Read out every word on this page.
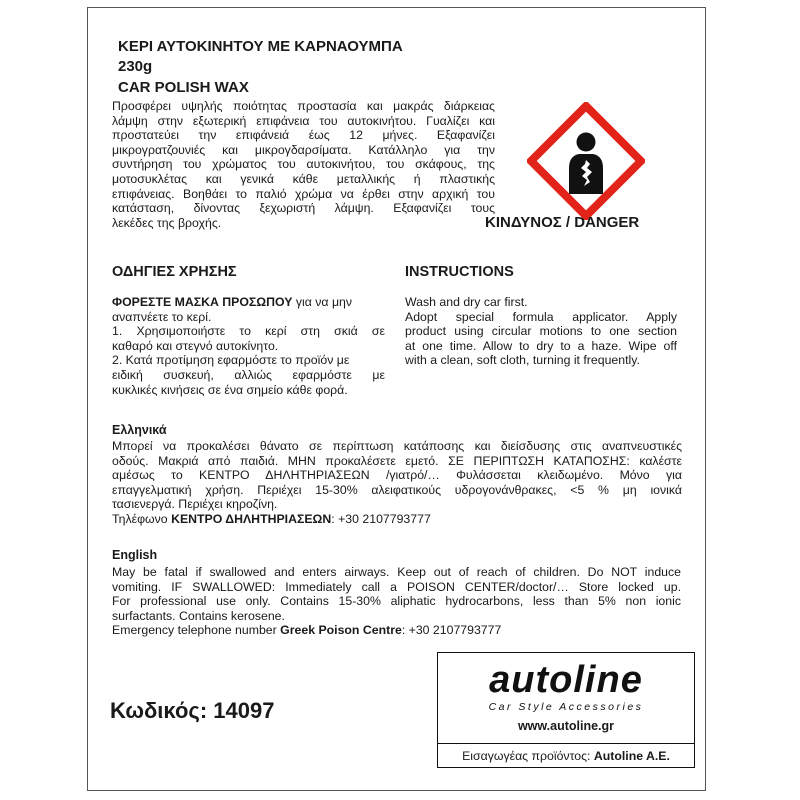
ΚΕΡΙ ΑΥΤΟΚΙΝΗΤΟΥ ΜΕ ΚΑΡΝΑΟΥΜΠΑ
230g
CAR POLISH WAX
Προσφέρει υψηλής ποιότητας προστασία και μακράς διάρκειας
λάμψη στην εξωτερική επιφάνεια του αυτοκινήτου. Γυαλίζει και
προστατεύει την επιφάνειά έως 12 μήνες. Εξαφανίζει
μικρογρατζουνιές και μικρογδαρσίματα. Κατάλληλο για την
συντήρηση του χρώματος του αυτοκινήτου, του σκάφους, της
μοτοσυκλέτας και γενικά κάθε μεταλλικής ή πλαστικής
επιφάνειας. Βοηθάει το παλιό χρώμα να έρθει στην αρχική του
κατάσταση, δίνοντας ξεχωριστή λάμψη. Εξαφανίζει τους
λεκέδες της βροχής.	ΚΙΝΔΥΝΟΣ / DANGER
ΟΔΗΓΙΕΣ ΧΡΗΣΗΣ
ΦΟΡΕΣΤΕ ΜΑΣΚΑ ΠΡΟΣΩΠΟΥ για να μην
αναπνέετε το κερί.
1. Χρησιμοποιήστε το κερί στη σκιά σε
καθαρό και στεγνό αυτοκίνητο.
2. Κατά προτίμηση εφαρμόστε το προϊόν με
ειδική συσκευή, αλλιώς εφαρμόστε με
κυκλικές κινήσεις σε ένα σημείο κάθε φορά.
INSTRUCTIONS
Wash and dry car first.
Adopt special formula applicator. Apply
product using circular motions to one section
at one time. Allow to dry to a haze. Wipe off
with a clean, soft cloth, turning it frequently.
Ελληνικά
Μπορεί να προκαλέσει θάνατο σε περίπτωση κατάποσης και διείσδυσης στις αναπνευστικές
οδούς. Μακριά από παιδιά. ΜΗΝ προκαλέσετε εμετό. ΣΕ ΠΕΡΙΠΤΩΣΗ ΚΑΤΑΠΟΣΗΣ: καλέστε
αμέσως το ΚΕΝΤΡΟ ΔΗΛΗΤΗΡΙΑΣΕΩΝ /γιατρό/… Φυλάσσεται κλειδωμένο. Μόνο για
επαγγελματική χρήση. Περιέχει 15-30% αλειφατικούς υδρογονάνθρακες, <5 % μη ιονικά
τασιενεργά. Περιέχει κηροζίνη.
Τηλέφωνο ΚΕΝΤΡΟ ΔΗΛΗΤΗΡΙΑΣΕΩΝ: +30 2107793777
English
May be fatal if swallowed and enters airways. Keep out of reach of children. Do NOT induce
vomiting. IF SWALLOWED: Immediately call a POISON CENTER/doctor/… Store locked up.
For professional use only. Contains 15-30% aliphatic hydrocarbons, less than 5% non ionic
surfactants. Contains kerosene.
Emergency telephone number Greek Poison Centre: +30 2107793777
Κωδικός: 14097
autoline
Car Style Accessories
www.autoline.gr
Εισαγωγέας προϊόντος: Autoline A.E.
